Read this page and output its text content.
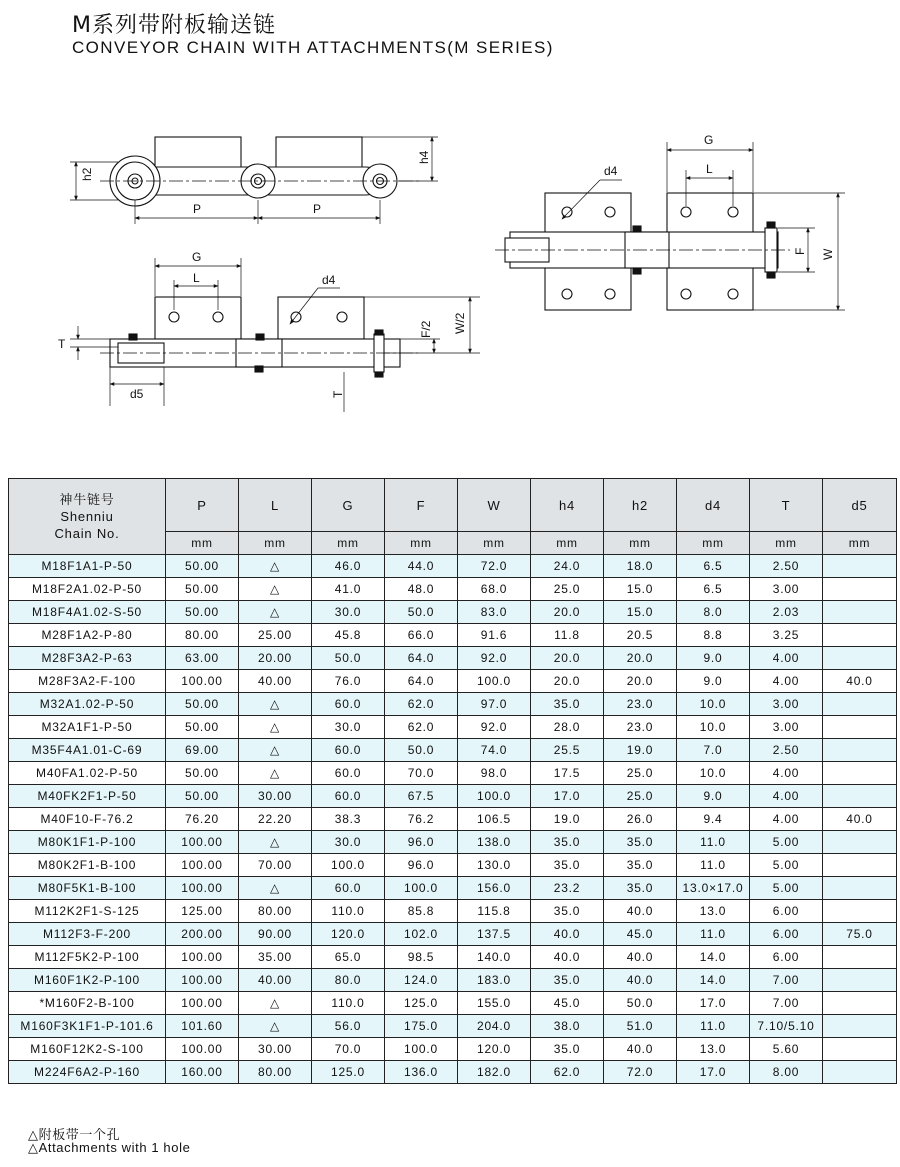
M系列带附板输送链
CONVEYOR CHAIN WITH ATTACHMENTS(M SERIES)
h2
h4
P	P
G
L	d4
T
d5	T
F/2 W/2
G
L
d4
F W
神牛链号
Shenniu
Chain No.	P	L	G	F	W	h4	h2	d4	T	d5
	mm	mm	mm	mm	mm	mm	mm	mm	mm	mm
M18F1A1-P-50	50.00	△	46.0	44.0	72.0	24.0	18.0	6.5	2.50	
M18F2A1.02-P-50	50.00	△	41.0	48.0	68.0	25.0	15.0	6.5	3.00	
M18F4A1.02-S-50	50.00	△	30.0	50.0	83.0	20.0	15.0	8.0	2.03	
M28F1A2-P-80	80.00	25.00	45.8	66.0	91.6	11.8	20.5	8.8	3.25	
M28F3A2-P-63	63.00	20.00	50.0	64.0	92.0	20.0	20.0	9.0	4.00	
M28F3A2-F-100	100.00	40.00	76.0	64.0	100.0	20.0	20.0	9.0	4.00	40.0
M32A1.02-P-50	50.00	△	60.0	62.0	97.0	35.0	23.0	10.0	3.00	
M32A1F1-P-50	50.00	△	30.0	62.0	92.0	28.0	23.0	10.0	3.00	
M35F4A1.01-C-69	69.00	△	60.0	50.0	74.0	25.5	19.0	7.0	2.50	
M40FA1.02-P-50	50.00	△	60.0	70.0	98.0	17.5	25.0	10.0	4.00	
M40FK2F1-P-50	50.00	30.00	60.0	67.5	100.0	17.0	25.0	9.0	4.00	
M40F10-F-76.2	76.20	22.20	38.3	76.2	106.5	19.0	26.0	9.4	4.00	40.0
M80K1F1-P-100	100.00	△	30.0	96.0	138.0	35.0	35.0	11.0	5.00	
M80K2F1-B-100	100.00	70.00	100.0	96.0	130.0	35.0	35.0	11.0	5.00	
M80F5K1-B-100	100.00	△	60.0	100.0	156.0	23.2	35.0	13.0×17.0	5.00	
M112K2F1-S-125	125.00	80.00	110.0	85.8	115.8	35.0	40.0	13.0	6.00	
M112F3-F-200	200.00	90.00	120.0	102.0	137.5	40.0	45.0	11.0	6.00	75.0
M112F5K2-P-100	100.00	35.00	65.0	98.5	140.0	40.0	40.0	14.0	6.00	
M160F1K2-P-100	100.00	40.00	80.0	124.0	183.0	35.0	40.0	14.0	7.00	
*M160F2-B-100	100.00	△	110.0	125.0	155.0	45.0	50.0	17.0	7.00	
M160F3K1F1-P-101.6	101.60	△	56.0	175.0	204.0	38.0	51.0	11.0	7.10/5.10	
M160F12K2-S-100	100.00	30.00	70.0	100.0	120.0	35.0	40.0	13.0	5.60	
M224F6A2-P-160	160.00	80.00	125.0	136.0	182.0	62.0	72.0	17.0	8.00	
△附板带一个孔
△Attachments with 1 hole
